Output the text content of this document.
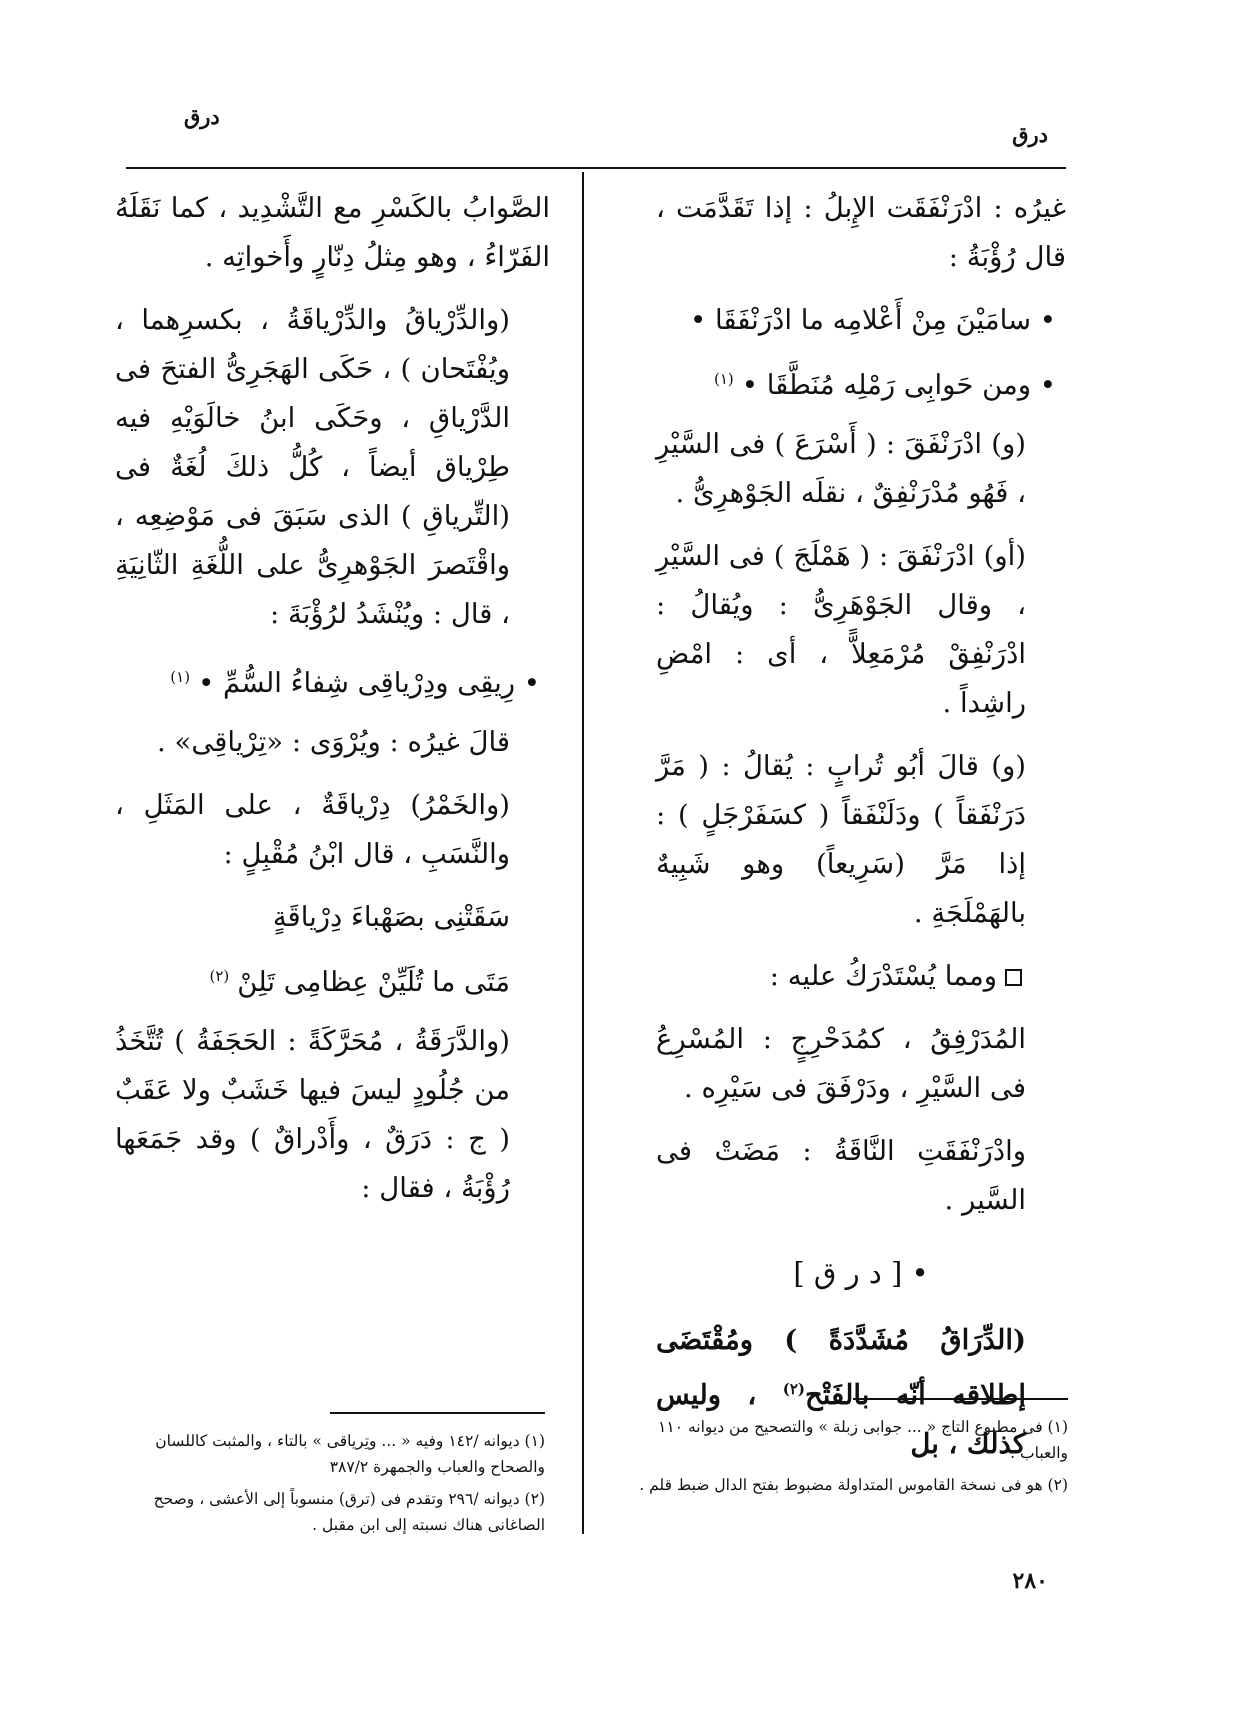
درق
درق

غيرُه : ادْرَنْفَقَت الإِبلُ : إذا تَقَدَّمَت ، قال رُؤْبَةُ :

• سامَيْنَ مِنْ أَعْلامِه ما ادْرَنْفَقَا •
• ومن حَوابِى رَمْلِه مُنَطَّقَا •$^{(١)}$

(و) ادْرَنْفَقَ : ( أَسْرَعَ ) فى السَّيْرِ ، فَهُو مُدْرَنْفِقٌ ، نقلَه الجَوْهرِىُّ .

(أو) ادْرَنْفَقَ : ( هَمْلَجَ ) فى السَّيْرِ ، وقال الجَوْهَرِىُّ : ويُقالُ : ادْرَنْفِقْ مُرْمَعِلاًّ ، أى : امْضِ راشِداً .

(و) قالَ أبُو تُرابٍ : يُقالُ : ( مَرَّ دَرَنْفَقاً ) ودَلَنْفَقاً ( كسَفَرْجَلٍ ) : إذا مَرَّ (سَرِيعاً) وهو شَبِيهٌ بالهَمْلَجَةِ .

ومما يُسْتَدْرَكُ عليه :

المُدَرْفِقُ ، كمُدَحْرِجٍ : المُسْرِعُ فى السَّيْرِ ، ودَرْفَقَ فى سَيْرِه .

وادْرَنْفَقَتِ النَّاقَةُ : مَضَتْ فى السَّير .

• [ د ر ق ]

(الدِّرَاقُ مُشَدَّدَةً ) ومُقْتَضَى إطلاقه أنّه بالفَتْح$^{(٢)}$ ، وليس كذلك ، بل

الصَّوابُ بالكَسْرِ مع التَّشْدِيد ، كما نَقَلَهُ الفَرّاءُ ، وهو مِثلُ دِنّارٍ وأَخواتِه .

(والدِّرْياقُ والدِّرْياقَةُ ، بكسرِهما ، ويُفْتَحان ) ، حَكَى الهَجَرِىُّ الفتحَ فى الدَّرْياقِ ، وحَكَى ابنُ خالَوَيْهِ فيه طِرْياق أيضاً ، كُلُّ ذلكَ لُغَةٌ فى (التِّرياقِ ) الذى سَبَقَ فى مَوْضِعِه ، واقْتَصرَ الجَوْهرِىُّ على اللُّغَةِ الثّانِيَةِ ، قال : ويُنْشَدُ لرُؤْبَةَ :

• رِيقِى ودِرْياقِى شِفاءُ السُّمِّ •$^{(١)}$

قالَ غيرُه : ويُرْوَى : «تِرْياقِى» .

(والخَمْرُ) دِرْياقَةٌ ، على المَثَلِ ، والنَّسَبِ ، قال ابْنُ مُقْبِلٍ :

سَقَتْنِى بصَهْباءَ دِرْياقَةٍ
مَتَى ما تُلَيِّنْ عِظامِى تَلِنْ$^{(٢)}$

(والدَّرَقَةُ ، مُحَرَّكَةً : الحَجَفَةُ ) تُتَّخَذُ من جُلُودٍ ليسَ فيها خَشَبٌ ولا عَقَبٌ ( ج : دَرَقٌ ، وأَدْراقٌ ) وقد جَمَعَها رُؤْبَةُ ، فقال :

(١) فى مطبوع التاج « ... جوابى زبلة » والتصحيح من ديوانه ١١٠ والعباب .

(٢) هو فى نسخة القاموس المتداولة مضبوط بفتح الدال ضبط قلم .

(١) ديوانه /١٤٢ وفيه « ... وتِرياقى » بالتاء ، والمثبت كاللسان والصحاح والعباب والجمهرة ٣٨٧/٢

(٢) ديوانه /٢٩٦ وتقدم فى (ترق) منسوباً إلى الأعشى ، وصحح الصاغانى هناك نسبته إلى ابن مقبل .

٢٨٠
